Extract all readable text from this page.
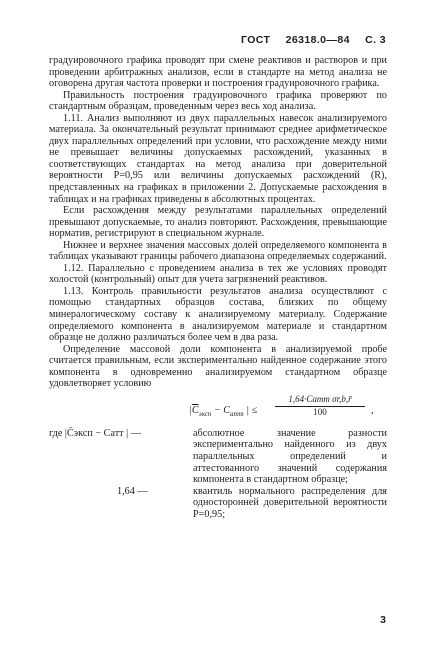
ГОСТ 26318.0—84 С. 3

градуировочного графика проводят при смене реактивов и растворов и при проведении арбитражных анализов, если в стандарте на метод анализа не оговорена другая частота проверки и построения градуировочного графика.

Правильность построения градуировочного графика проверяют по стандартным образцам, проведенным через весь ход анализа.

1.11. Анализ выполняют из двух параллельных навесок анализируемого материала. За окончательный результат принимают среднее арифметическое двух параллельных определений при условии, что расхождение между ними не превышает величины допускаемых расхождений, указанных в соответствующих стандартах на метод анализа при доверительной вероятности P=0,95 или величины допускаемых расхождений (R), представленных на графиках в приложении 2. Допускаемые расхождения в таблицах и на графиках приведены в абсолютных процентах.

Если расхождения между результатами параллельных определений превышают допускаемые, то анализ повторяют. Расхождения, превышающие норматив, регистрируют в специальном журнале.

Нижнее и верхнее значения массовых долей определяемого компонента в таблицах указывают границы рабочего диапазона определяемых содержаний.

1.12. Параллельно с проведением анализа в тех же условиях проводят холостой (контрольный) опыт для учета загрязнений реактивов.

1.13. Контроль правильности результатов анализа осуществляют с помощью стандартных образцов состава, близких по общему минералогическому составу к анализируемому материалу. Содержание определяемого компонента в анализируемом материале и стандартном образце не должно различаться более чем в два раза.

Определение массовой доли компонента в анализируемой пробе считается правильным, если экспериментально найденное содержание этого компонента в одновременно анализируемом стандартном образце удовлетворяет условию

$|\overline{C}_{эксп} - C_{атт}$ | ≤
1,64·Cатт σr,b,r̄
100	,
где |C̄эксп − Cатт | —	абсолютное значение разности экспериментально найденного из двух параллельных определений и аттестованного значений содержания компонента в стандартном образце;
1,64 —	квантиль нормального распределения для односторонней доверительной вероятности P=0,95;
3
